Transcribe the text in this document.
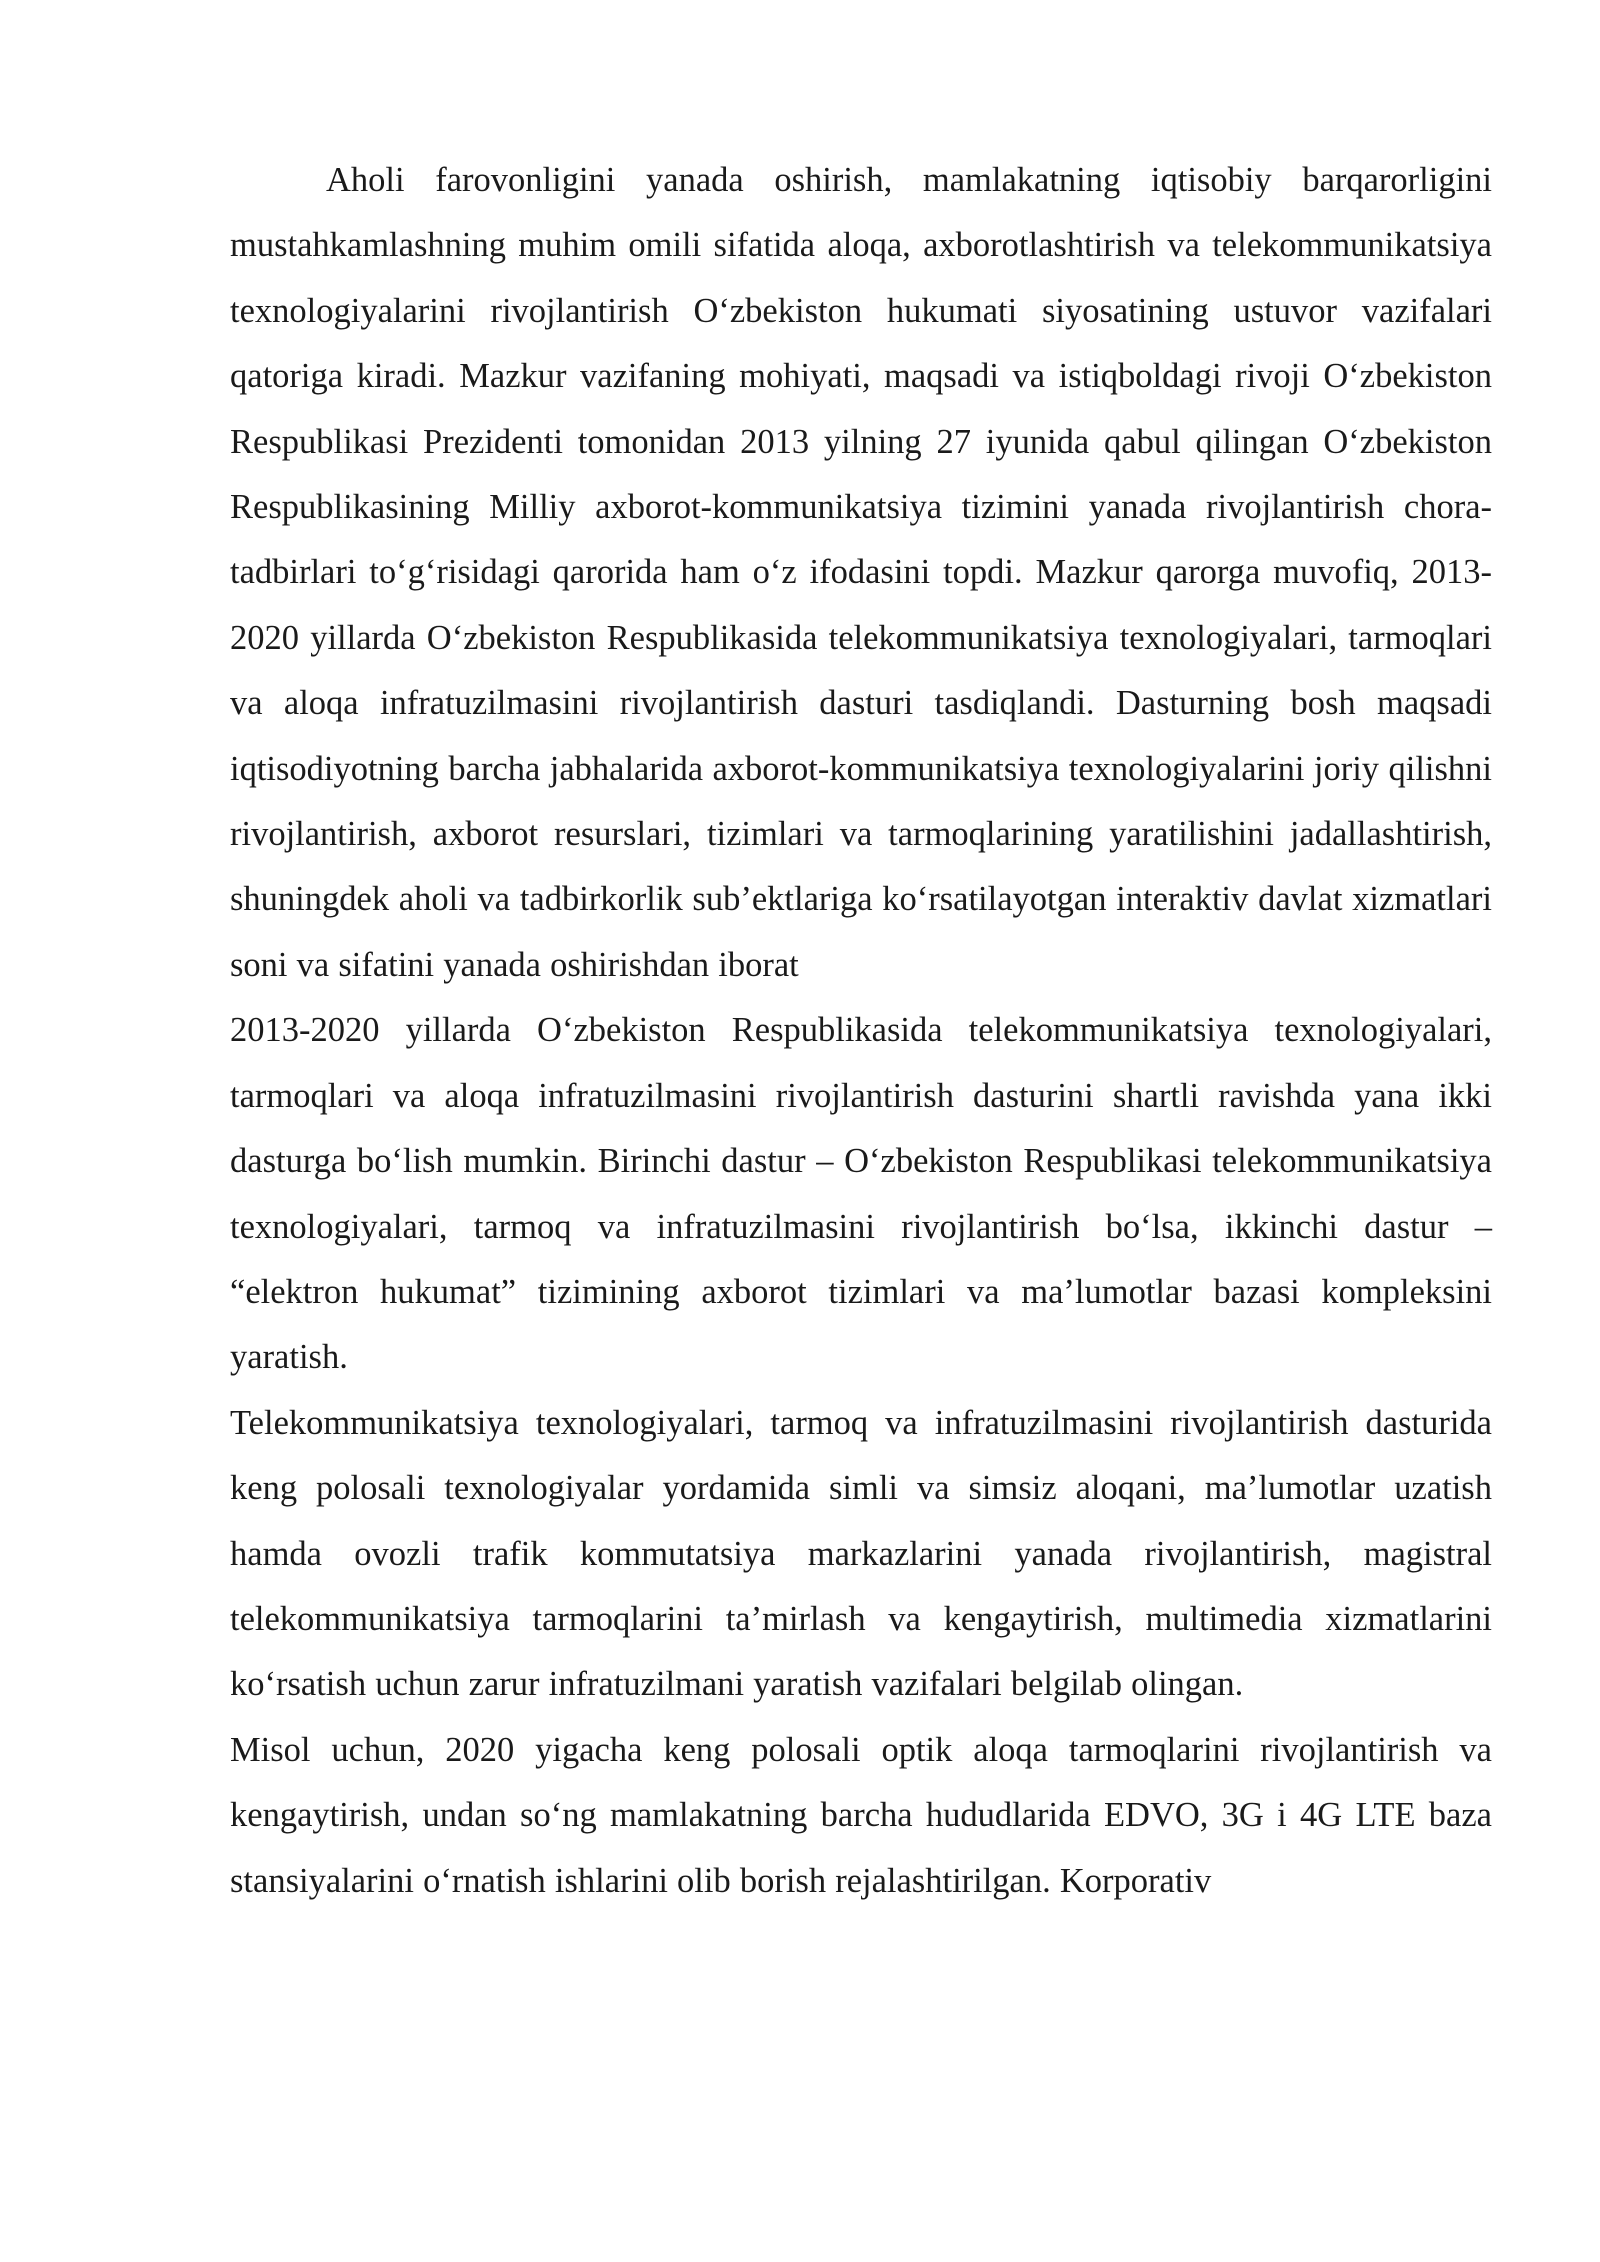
Aholi farovonligini yanada oshirish, mamlakatning iqtisobiy barqarorligini mustahkamlashning muhim omili sifatida aloqa, axborotlashtirish va telekommunikatsiya texnologiyalarini rivojlantirish Oʻzbekiston hukumati siyosatining ustuvor vazifalari qatoriga kiradi. Mazkur vazifaning mohiyati, maqsadi va istiqboldagi rivoji Oʻzbekiston Respublikasi Prezidenti tomonidan 2013 yilning 27 iyunida qabul qilingan Oʻzbekiston Respublikasining Milliy axborot-kommunikatsiya tizimini yanada rivojlantirish chora-tadbirlari toʻgʻrisidagi qarorida ham oʻz ifodasini topdi. Mazkur qarorga muvofiq, 2013-2020 yillarda Oʻzbekiston Respublikasida telekommunikatsiya texnologiyalari, tarmoqlari va aloqa infratuzilmasini rivojlantirish dasturi tasdiqlandi. Dasturning bosh maqsadi iqtisodiyotning barcha jabhalarida axborot-kommunikatsiya texnologiyalarini joriy qilishni rivojlantirish, axborot resurslari, tizimlari va tarmoqlarining yaratilishini jadallashtirish, shuningdek aholi va tadbirkorlik sub’ektlariga koʻrsatilayotgan interaktiv davlat xizmatlari soni va sifatini yanada oshirishdan iborat

2013-2020 yillarda Oʻzbekiston Respublikasida telekommunikatsiya texnologiyalari, tarmoqlari va aloqa infratuzilmasini rivojlantirish dasturini shartli ravishda yana ikki dasturga boʻlish mumkin. Birinchi dastur – Oʻzbekiston Respublikasi telekommunikatsiya texnologiyalari, tarmoq va infratuzilmasini rivojlantirish boʻlsa, ikkinchi dastur – “elektron hukumat” tizimining axborot tizimlari va ma’lumotlar bazasi kompleksini yaratish.

Telekommunikatsiya texnologiyalari, tarmoq va infratuzilmasini rivojlantirish dasturida keng polosali texnologiyalar yordamida simli va simsiz aloqani, ma’lumotlar uzatish hamda ovozli trafik kommutatsiya markazlarini yanada rivojlantirish, magistral telekommunikatsiya tarmoqlarini ta’mirlash va kengaytirish, multimedia xizmatlarini koʻrsatish uchun zarur infratuzilmani yaratish vazifalari belgilab olingan.

Misol uchun, 2020 yigacha keng polosali optik aloqa tarmoqlarini rivojlantirish va kengaytirish, undan soʻng mamlakatning barcha hududlarida EDVO, 3G i 4G LTE baza stansiyalarini oʻrnatish ishlarini olib borish rejalashtirilgan. Korporativ
